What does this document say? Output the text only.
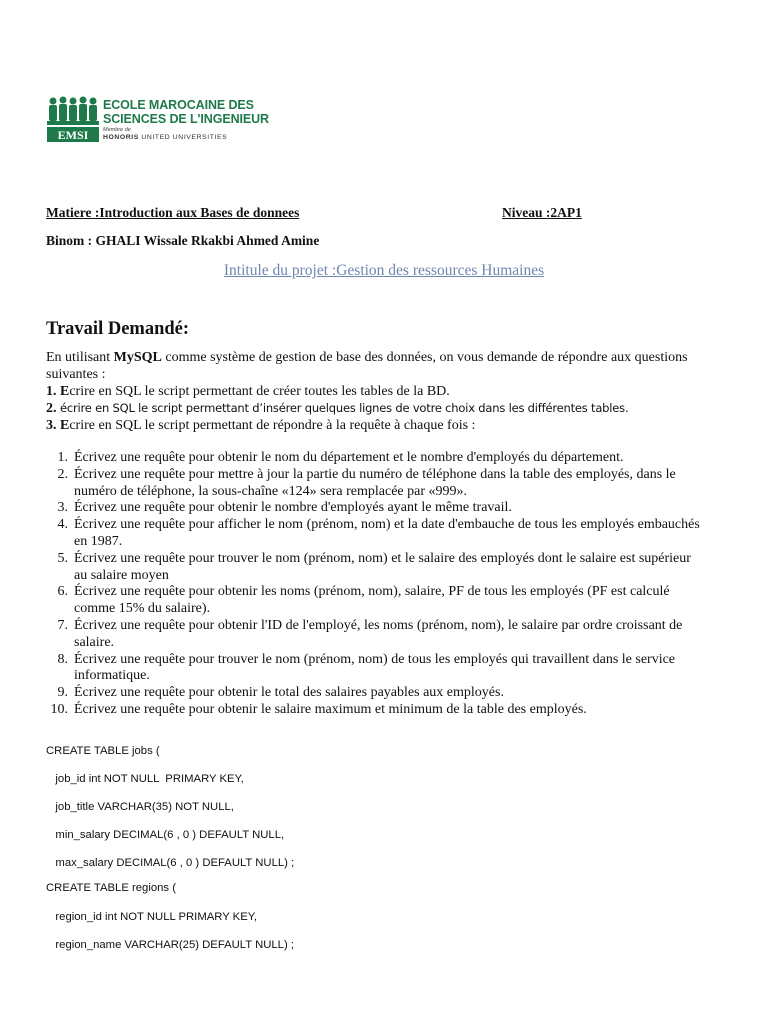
EMSI
ECOLE MAROCAINE DES
SCIENCES DE L'INGENIEUR
Membre de
HONORIS UNITED UNIVERSITIES
Matiere :Introduction aux Bases de donnees	Niveau :2AP1
Binom : GHALI Wissale Rkakbi Ahmed Amine
Intitule du projet :Gestion des ressources Humaines
Travail Demandé:

En utilisant MySQL comme système de gestion de base des données, on vous demande de répondre aux questions suivantes :

1. Ecrire en SQL le script permettant de créer toutes les tables de la BD.
2. écrire en SQL le script permettant d’insérer quelques lignes de votre choix dans les différentes tables.
3. Ecrire en SQL le script permettant de répondre à la requête à chaque fois :
1. Écrivez une requête pour obtenir le nom du département et le nombre d'employés du département.
2. Écrivez une requête pour mettre à jour la partie du numéro de téléphone dans la table des employés, dans le numéro de téléphone, la sous-chaîne «124» sera remplacée par «999».
3. Écrivez une requête pour obtenir le nombre d'employés ayant le même travail.
4. Écrivez une requête pour afficher le nom (prénom, nom) et la date d'embauche de tous les employés embauchés en 1987.
5. Écrivez une requête pour trouver le nom (prénom, nom) et le salaire des employés dont le salaire est supérieur au salaire moyen
6. Écrivez une requête pour obtenir les noms (prénom, nom), salaire, PF de tous les employés (PF est calculé comme 15% du salaire).
7. Écrivez une requête pour obtenir l'ID de l'employé, les noms (prénom, nom), le salaire par ordre croissant de salaire.
8. Écrivez une requête pour trouver le nom (prénom, nom) de tous les employés qui travaillent dans le service informatique.
9. Écrivez une requête pour obtenir le total des salaires payables aux employés.
10. Écrivez une requête pour obtenir le salaire maximum et minimum de la table des employés.
CREATE TABLE jobs (
job_id int NOT NULL  PRIMARY KEY,
job_title VARCHAR(35) NOT NULL,
min_salary DECIMAL(6 , 0 ) DEFAULT NULL,
max_salary DECIMAL(6 , 0 ) DEFAULT NULL) ;
CREATE TABLE regions (
region_id int NOT NULL PRIMARY KEY,
region_name VARCHAR(25) DEFAULT NULL) ;
